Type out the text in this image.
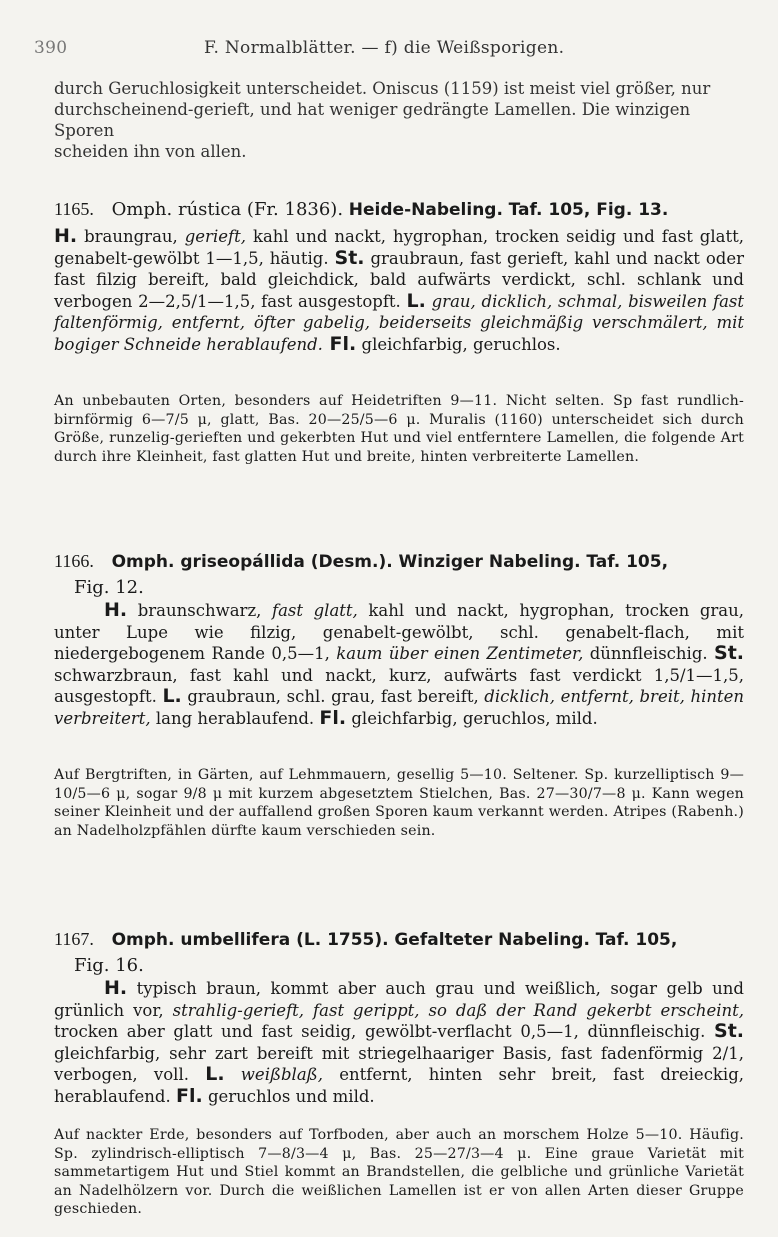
390	F. Normalblätter. — f) die Weißsporigen.
durch Geruchlosigkeit unterscheidet. Oniscus (1159) ist meist viel größer, nur
durchscheinend-gerieft, und hat weniger gedrängte Lamellen. Die winzigen Sporen
scheiden ihn von allen.
1165. Omph. rústica (Fr. 1836). Heide-Nabeling. Taf. 105, Fig. 13.
H. braungrau, gerieft, kahl und nackt, hygrophan, trocken seidig und fast glatt, genabelt-gewölbt 1—1,5, häutig. St. graubraun, fast gerieft, kahl und nackt oder fast filzig bereift, bald gleichdick, bald aufwärts verdickt, schl. schlank und verbogen 2—2,5/1—1,5, fast ausgestopft. L. grau, dicklich, schmal, bisweilen fast faltenförmig, entfernt, öfter gabelig, beiderseits gleichmäßig verschmälert, mit bogiger Schneide herablaufend. Fl. gleichfarbig, geruchlos.
An unbebauten Orten, besonders auf Heidetriften 9—11. Nicht selten. Sp fast rundlich-birnförmig 6—7/5 μ, glatt, Bas. 20—25/5—6 μ. Muralis (1160) unterscheidet sich durch Größe, runzelig-gerieften und gekerbten Hut und viel entferntere Lamellen, die folgende Art durch ihre Kleinheit, fast glatten Hut und breite, hinten verbreiterte Lamellen.
1166. Omph. griseopállida (Desm.). Winziger Nabeling. Taf. 105,
Fig. 12.
H. braunschwarz, fast glatt, kahl und nackt, hygrophan, trocken grau, unter Lupe wie filzig, genabelt-gewölbt, schl. genabelt-flach, mit niedergebogenem Rande 0,5—1, kaum über einen Zentimeter, dünnfleischig. St. schwarzbraun, fast kahl und nackt, kurz, aufwärts fast verdickt 1,5/1—1,5, ausgestopft. L. graubraun, schl. grau, fast bereift, dicklich, entfernt, breit, hinten verbreitert, lang herablaufend. Fl. gleichfarbig, geruchlos, mild.
Auf Bergtriften, in Gärten, auf Lehmmauern, gesellig 5—10. Seltener. Sp. kurzelliptisch 9—10/5—6 μ, sogar 9/8 μ mit kurzem abgesetztem Stielchen, Bas. 27—30/7—8 μ. Kann wegen seiner Kleinheit und der auffallend großen Sporen kaum verkannt werden. Atripes (Rabenh.) an Nadelholzpfählen dürfte kaum verschieden sein.
1167. Omph. umbellifera (L. 1755). Gefalteter Nabeling. Taf. 105,
Fig. 16.
H. typisch braun, kommt aber auch grau und weißlich, sogar gelb und grünlich vor, strahlig-gerieft, fast gerippt, so daß der Rand gekerbt erscheint, trocken aber glatt und fast seidig, gewölbt-verflacht 0,5—1, dünnfleischig. St. gleichfarbig, sehr zart bereift mit striegelhaariger Basis, fast fadenförmig 2/1, verbogen, voll. L. weißblaß, entfernt, hinten sehr breit, fast dreieckig, herablaufend. Fl. geruchlos und mild.
Auf nackter Erde, besonders auf Torfboden, aber auch an morschem Holze 5—10. Häufig. Sp. zylindrisch-elliptisch 7—8/3—4 μ, Bas. 25—27/3—4 μ. Eine graue Varietät mit sammetartigem Hut und Stiel kommt an Brandstellen, die gelbliche und grünliche Varietät an Nadelhölzern vor. Durch die weißlichen Lamellen ist er von allen Arten dieser Gruppe geschieden.
